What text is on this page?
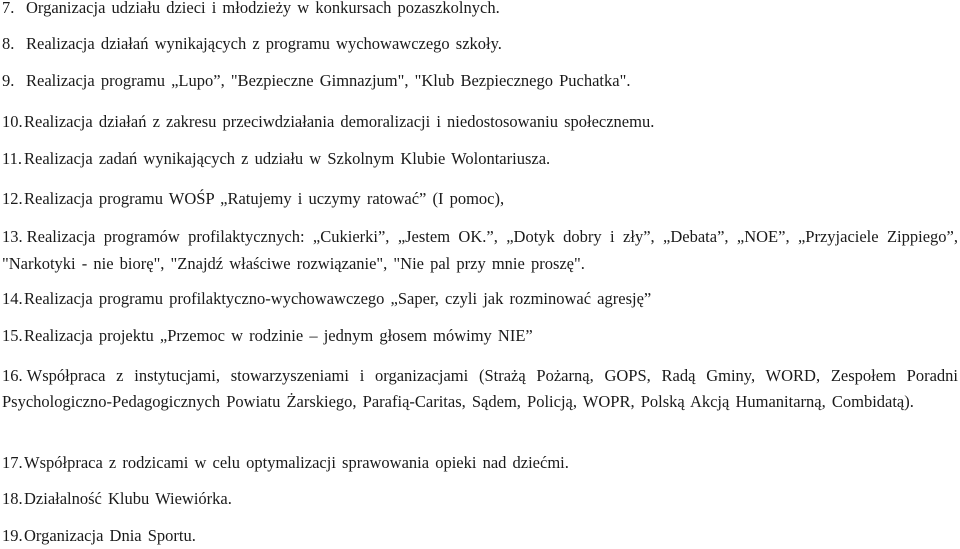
7. Organizacja udziału dzieci i młodzieży w konkursach pozaszkolnych.
8. Realizacja działań wynikających z programu wychowawczego szkoły.
9. Realizacja programu „Lupo”, "Bezpieczne Gimnazjum", "Klub Bezpiecznego Puchatka".
10.Realizacja działań z zakresu przeciwdziałania demoralizacji i niedostosowaniu społecznemu.
11. Realizacja zadań wynikających z udziału w Szkolnym Klubie Wolontariusza.
12.Realizacja programu WOŚP „Ratujemy i uczymy ratować” (I pomoc),
13. Realizacja programów profilaktycznych: „Cukierki”, „Jestem OK.”, „Dotyk dobry i zły”, „Debata”, „NOE”, „Przyjaciele Zippiego”, "Narkotyki - nie biorę", "Znajdź właściwe rozwiązanie", "Nie pal przy mnie proszę".
14.Realizacja programu profilaktyczno-wychowawczego „Saper, czyli jak rozminować agresję”
15.Realizacja projektu „Przemoc w rodzinie – jednym głosem mówimy NIE”
16. Współpraca z instytucjami, stowarzyszeniami i organizacjami (Strażą Pożarną, GOPS, Radą Gminy, WORD, Zespołem Poradni Psychologiczno-Pedagogicznych Powiatu Żarskiego, Parafią-Caritas, Sądem, Policją, WOPR, Polską Akcją Humanitarną, Combidatą).
17.Współpraca z rodzicami w celu optymalizacji sprawowania opieki nad dziećmi.
18.Działalność Klubu Wiewiórka.
19.Organizacja Dnia Sportu.
